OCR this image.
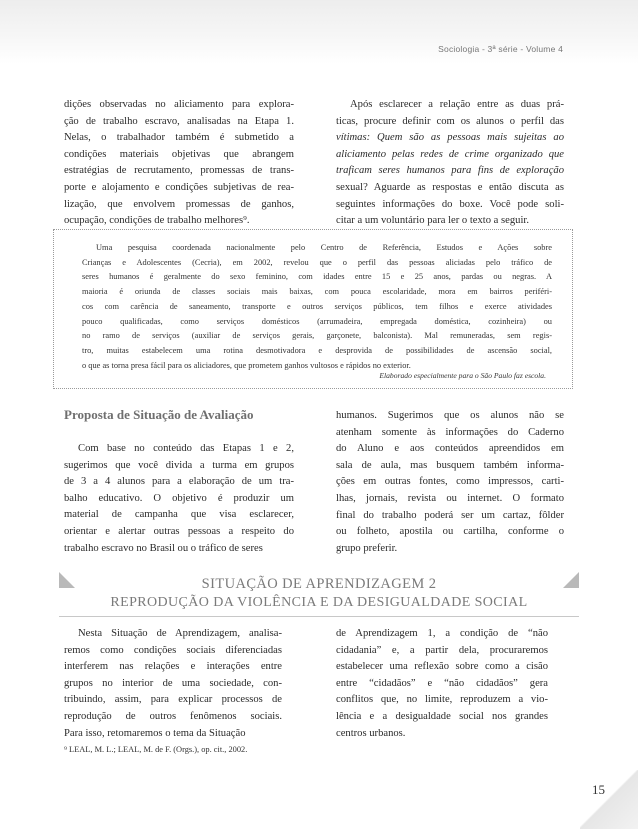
Sociologia - 3ª série - Volume 4
dições observadas no aliciamento para explora-
ção de trabalho escravo, analisadas na Etapa 1.
Nelas, o trabalhador também é submetido a
condições materiais objetivas que abrangem
estratégias de recrutamento, promessas de trans-
porte e alojamento e condições subjetivas de rea-
lização, que envolvem promessas de ganhos,
ocupação, condições de trabalho melhores⁹.
Após esclarecer a relação entre as duas prá-
ticas, procure definir com os alunos o perfil das
vítimas: Quem são as pessoas mais sujeitas ao
aliciamento pelas redes de crime organizado que
traficam seres humanos para fins de exploração
sexual? Aguarde as respostas e então discuta as
seguintes informações do boxe. Você pode soli-
citar a um voluntário para ler o texto a seguir.
Uma pesquisa coordenada nacionalmente pelo Centro de Referência, Estudos e Ações sobre
Crianças e Adolescentes (Cecria), em 2002, revelou que o perfil das pessoas aliciadas pelo tráfico de
seres humanos é geralmente do sexo feminino, com idades entre 15 e 25 anos, pardas ou negras. A
maioria é oriunda de classes sociais mais baixas, com pouca escolaridade, mora em bairros periféri-
cos com carência de saneamento, transporte e outros serviços públicos, tem filhos e exerce atividades
pouco qualificadas, como serviços domésticos (arrumadeira, empregada doméstica, cozinheira) ou
no ramo de serviços (auxiliar de serviços gerais, garçonete, balconista). Mal remuneradas, sem regis-
tro, muitas estabelecem uma rotina desmotivadora e desprovida de possibilidades de ascensão social,
o que as torna presa fácil para os aliciadores, que prometem ganhos vultosos e rápidos no exterior.
Elaborado especialmente para o São Paulo faz escola.
Proposta de Situação de Avaliação
Com base no conteúdo das Etapas 1 e 2,
sugerimos que você divida a turma em grupos
de 3 a 4 alunos para a elaboração de um tra-
balho educativo. O objetivo é produzir um
material de campanha que visa esclarecer,
orientar e alertar outras pessoas a respeito do
trabalho escravo no Brasil ou o tráfico de seres
humanos. Sugerimos que os alunos não se
atenham somente às informações do Caderno
do Aluno e aos conteúdos apreendidos em
sala de aula, mas busquem também informa-
ções em outras fontes, como impressos, carti-
lhas, jornais, revista ou internet. O formato
final do trabalho poderá ser um cartaz, fôlder
ou folheto, apostila ou cartilha, conforme o
grupo preferir.
SITUAÇÃO DE APRENDIZAGEM 2
REPRODUÇÃO DA VIOLÊNCIA E DA DESIGUALDADE SOCIAL
Nesta Situação de Aprendizagem, analisa-
remos como condições sociais diferenciadas
interferem nas relações e interações entre
grupos no interior de uma sociedade, con-
tribuindo, assim, para explicar processos de
reprodução de outros fenômenos sociais.
Para isso, retomaremos o tema da Situação
de Aprendizagem 1, a condição de “não
cidadania” e, a partir dela, procuraremos
estabelecer uma reflexão sobre como a cisão
entre “cidadãos” e “não cidadãos” gera
conflitos que, no limite, reproduzem a vio-
lência e a desigualdade social nos grandes
centros urbanos.
⁹ LEAL, M. L.; LEAL, M. de F. (Orgs.), op. cit., 2002.
15
